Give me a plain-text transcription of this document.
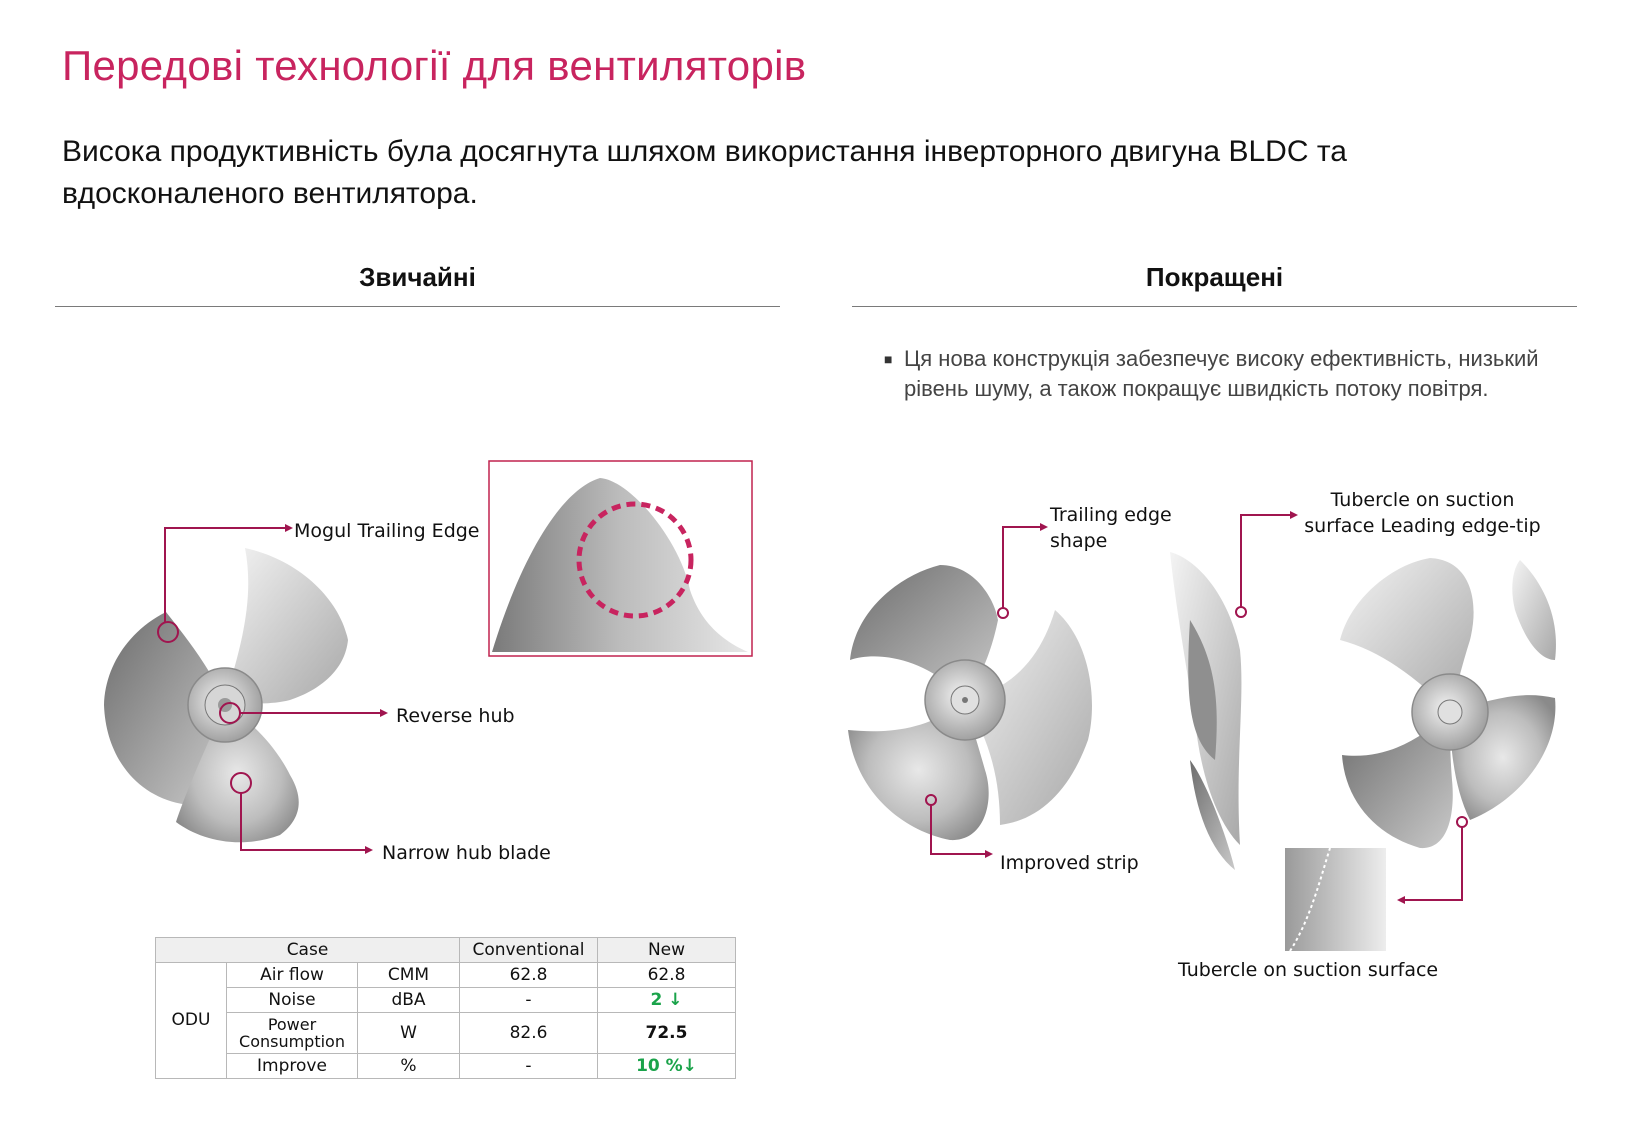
Передові технології для вентиляторів
Висока продуктивність була досягнута шляхом використання інверторного двигуна BLDC та вдосконаленого вентилятора.
Звичайні	Покращені
■ Ця нова конструкція забезпечує високу ефективність, низький рівень шуму, а також покращує швидкість потоку повітря.
Mogul Trailing Edge
Reverse hub
Narrow hub blade
Trailing edge shape
Tubercle on suction surface Leading edge-tip
Improved strip
Tubercle on suction surface
Case			Conventional	New
ODU	Air flow	CMM	62.8	62.8
	Noise	dBA	-	2 ↓
	Power Consumption	W	82.6	72.5
	Improve	%	-	10 %↓
